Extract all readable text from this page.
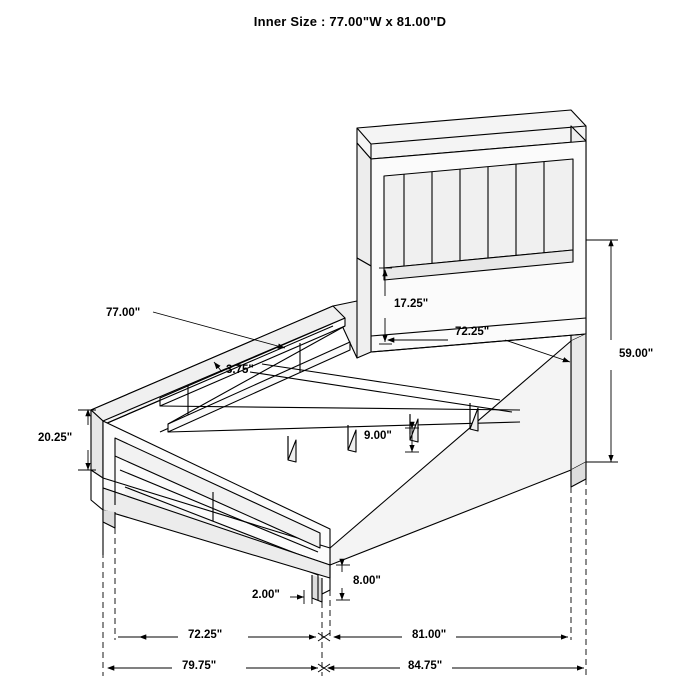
Inner Size : 77.00"W x 81.00"D
77.00"
3.75"
17.25"
72.25"
59.00"
20.25"	9.00"
8.00"
2.00"
72.25"	81.00"
79.75"	84.75"
